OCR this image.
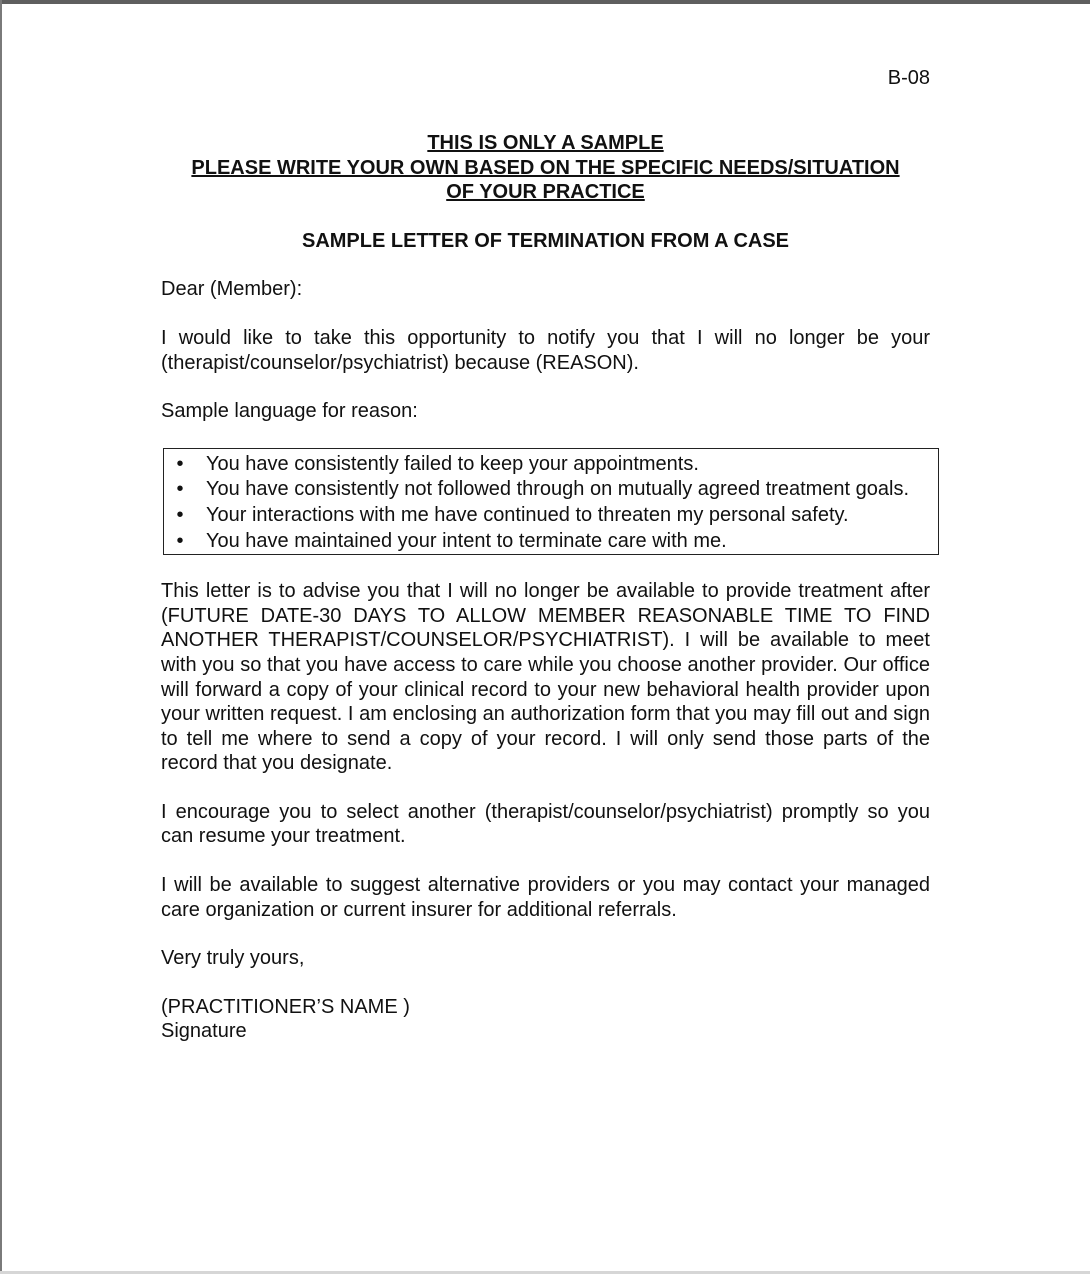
B-08
THIS IS ONLY A SAMPLE
PLEASE WRITE YOUR OWN BASED ON THE SPECIFIC NEEDS/SITUATION
OF YOUR PRACTICE
SAMPLE LETTER OF TERMINATION FROM A CASE
Dear (Member):
I would like to take this opportunity to notify you that I will no longer be your (therapist/counselor/psychiatrist) because (REASON).
Sample language for reason:
• You have consistently failed to keep your appointments.
• You have consistently not followed through on mutually agreed treatment goals.
• Your interactions with me have continued to threaten my personal safety.
• You have maintained your intent to terminate care with me.
This letter is to advise you that I will no longer be available to provide treatment after (FUTURE DATE-30 DAYS TO ALLOW MEMBER REASONABLE TIME TO FIND ANOTHER THERAPIST/COUNSELOR/PSYCHIATRIST). I will be available to meet with you so that you have access to care while you choose another provider. Our office will forward a copy of your clinical record to your new behavioral health provider upon your written request. I am enclosing an authorization form that you may fill out and sign to tell me where to send a copy of your record. I will only send those parts of the record that you designate.
I encourage you to select another (therapist/counselor/psychiatrist) promptly so you can resume your treatment.
I will be available to suggest alternative providers or you may contact your managed care organization or current insurer for additional referrals.
Very truly yours,
(PRACTITIONER’S NAME )
Signature
